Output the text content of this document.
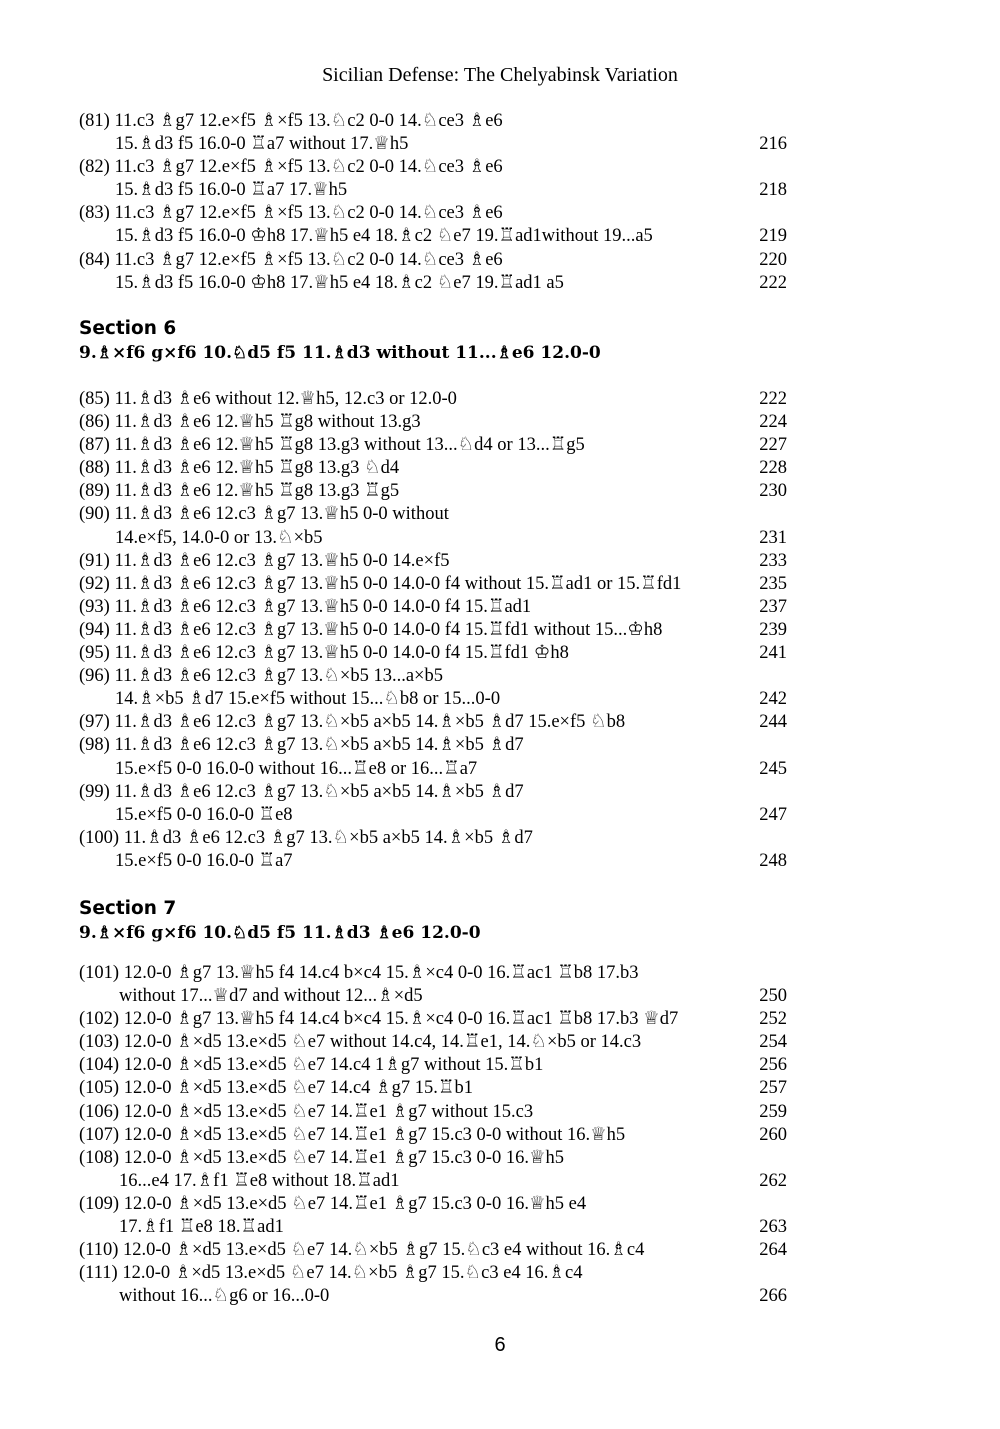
Sicilian Defense: The Chelyabinsk Variation
(81) 11.c3 ♗g7 12.e×f5 ♗×f5 13.♘c2 0-0 14.♘ce3 ♗e6
15.♗d3 f5 16.0-0 ♖a7 without 17.♕h5	216
(82) 11.c3 ♗g7 12.e×f5 ♗×f5 13.♘c2 0-0 14.♘ce3 ♗e6
15.♗d3 f5 16.0-0 ♖a7 17.♕h5	218
(83) 11.c3 ♗g7 12.e×f5 ♗×f5 13.♘c2 0-0 14.♘ce3 ♗e6
15.♗d3 f5 16.0-0 ♔h8 17.♕h5 e4 18.♗c2 ♘e7 19.♖ad1without 19...a5	219
(84) 11.c3 ♗g7 12.e×f5 ♗×f5 13.♘c2 0-0 14.♘ce3 ♗e6	220
15.♗d3 f5 16.0-0 ♔h8 17.♕h5 e4 18.♗c2 ♘e7 19.♖ad1 a5	222
Section 6
9.♗×f6 g×f6 10.♘d5 f5 11.♗d3 without 11...♗e6 12.0-0
(85) 11.♗d3 ♗e6 without 12.♕h5, 12.c3 or 12.0-0	222
(86) 11.♗d3 ♗e6 12.♕h5 ♖g8 without 13.g3	224
(87) 11.♗d3 ♗e6 12.♕h5 ♖g8 13.g3 without 13...♘d4 or 13...♖g5	227
(88) 11.♗d3 ♗e6 12.♕h5 ♖g8 13.g3 ♘d4	228
(89) 11.♗d3 ♗e6 12.♕h5 ♖g8 13.g3 ♖g5	230
(90) 11.♗d3 ♗e6 12.c3 ♗g7 13.♕h5 0-0 without
14.e×f5, 14.0-0 or 13.♘×b5	231
(91) 11.♗d3 ♗e6 12.c3 ♗g7 13.♕h5 0-0 14.e×f5	233
(92) 11.♗d3 ♗e6 12.c3 ♗g7 13.♕h5 0-0 14.0-0 f4 without 15.♖ad1 or 15.♖fd1	235
(93) 11.♗d3 ♗e6 12.c3 ♗g7 13.♕h5 0-0 14.0-0 f4 15.♖ad1	237
(94) 11.♗d3 ♗e6 12.c3 ♗g7 13.♕h5 0-0 14.0-0 f4 15.♖fd1 without 15...♔h8	239
(95) 11.♗d3 ♗e6 12.c3 ♗g7 13.♕h5 0-0 14.0-0 f4 15.♖fd1 ♔h8	241
(96) 11.♗d3 ♗e6 12.c3 ♗g7 13.♘×b5 13...a×b5
14.♗×b5 ♗d7 15.e×f5 without 15...♘b8 or 15...0-0	242
(97) 11.♗d3 ♗e6 12.c3 ♗g7 13.♘×b5 a×b5 14.♗×b5 ♗d7 15.e×f5 ♘b8	244
(98) 11.♗d3 ♗e6 12.c3 ♗g7 13.♘×b5 a×b5 14.♗×b5 ♗d7
15.e×f5 0-0 16.0-0 without 16...♖e8 or 16...♖a7	245
(99) 11.♗d3 ♗e6 12.c3 ♗g7 13.♘×b5 a×b5 14.♗×b5 ♗d7
15.e×f5 0-0 16.0-0 ♖e8	247
(100) 11.♗d3 ♗e6 12.c3 ♗g7 13.♘×b5 a×b5 14.♗×b5 ♗d7
15.e×f5 0-0 16.0-0 ♖a7	248
Section 7
9.♗×f6 g×f6 10.♘d5 f5 11.♗d3 ♗e6 12.0-0
(101) 12.0-0 ♗g7 13.♕h5 f4 14.c4 b×c4 15.♗×c4 0-0 16.♖ac1 ♖b8 17.b3
without 17...♕d7 and without 12...♗×d5	250
(102) 12.0-0 ♗g7 13.♕h5 f4 14.c4 b×c4 15.♗×c4 0-0 16.♖ac1 ♖b8 17.b3 ♕d7	252
(103) 12.0-0 ♗×d5 13.e×d5 ♘e7 without 14.c4, 14.♖e1, 14.♘×b5 or 14.c3	254
(104) 12.0-0 ♗×d5 13.e×d5 ♘e7 14.c4 1♗g7 without 15.♖b1	256
(105) 12.0-0 ♗×d5 13.e×d5 ♘e7 14.c4 ♗g7 15.♖b1	257
(106) 12.0-0 ♗×d5 13.e×d5 ♘e7 14.♖e1 ♗g7 without 15.c3	259
(107) 12.0-0 ♗×d5 13.e×d5 ♘e7 14.♖e1 ♗g7 15.c3 0-0 without 16.♕h5	260
(108) 12.0-0 ♗×d5 13.e×d5 ♘e7 14.♖e1 ♗g7 15.c3 0-0 16.♕h5
16...e4 17.♗f1 ♖e8 without 18.♖ad1	262
(109) 12.0-0 ♗×d5 13.e×d5 ♘e7 14.♖e1 ♗g7 15.c3 0-0 16.♕h5 e4
17.♗f1 ♖e8 18.♖ad1	263
(110) 12.0-0 ♗×d5 13.e×d5 ♘e7 14.♘×b5 ♗g7 15.♘c3 e4 without 16.♗c4	264
(111) 12.0-0 ♗×d5 13.e×d5 ♘e7 14.♘×b5 ♗g7 15.♘c3 e4 16.♗c4
without 16...♘g6 or 16...0-0	266
6
